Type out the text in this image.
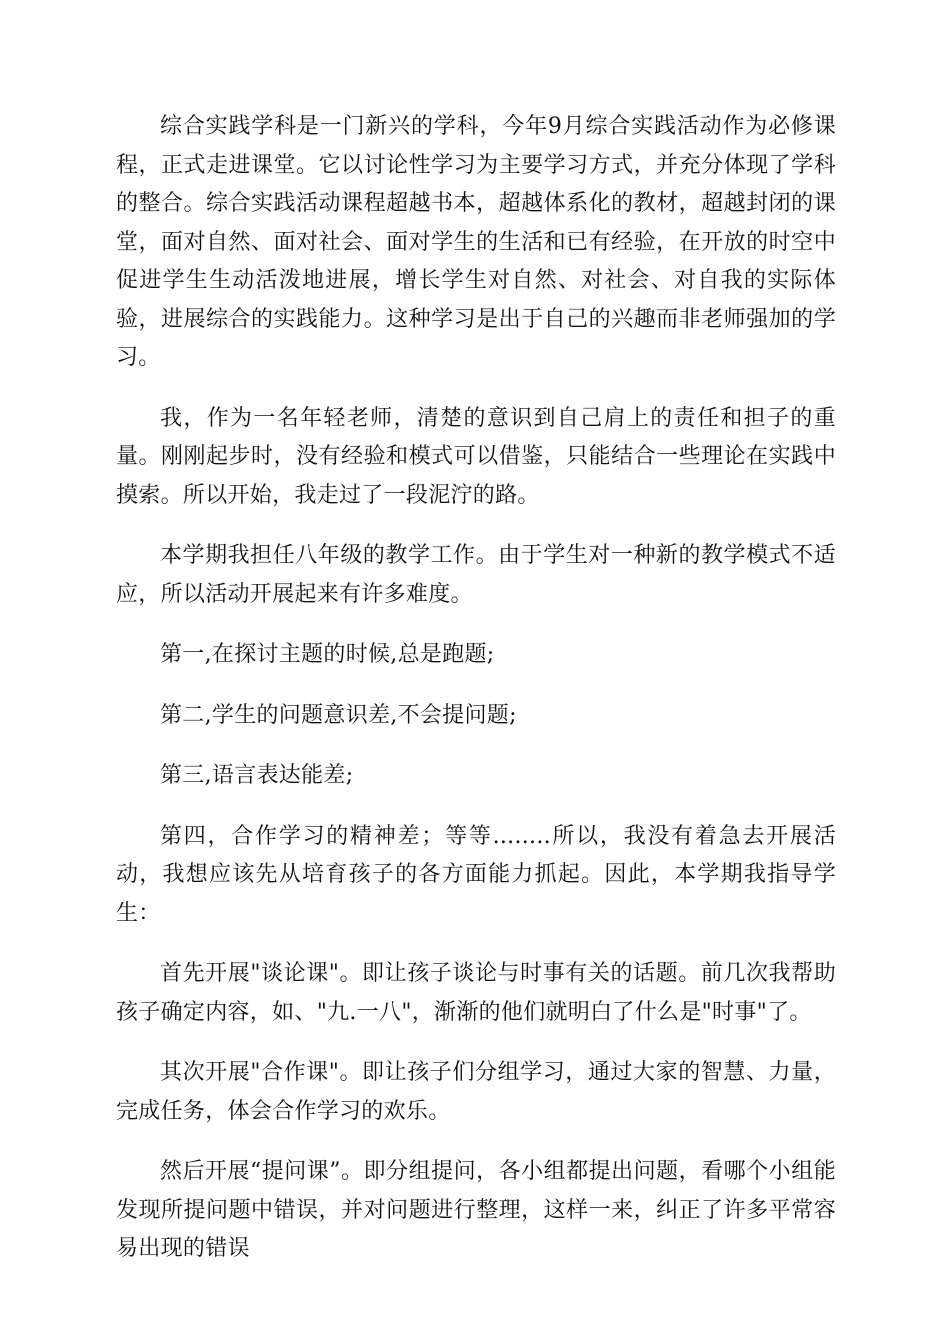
综合实践学科是一门新兴的学科，今年9月综合实践活动作为必修课程，正式走进课堂。它以讨论性学习为主要学习方式，并充分体现了学科的整合。综合实践活动课程超越书本，超越体系化的教材，超越封闭的课堂，面对自然、面对社会、面对学生的生活和已有经验，在开放的时空中促进学生生动活泼地进展，增长学生对自然、对社会、对自我的实际体验，进展综合的实践能力。这种学习是出于自己的兴趣而非老师强加的学习。

我，作为一名年轻老师，清楚的意识到自己肩上的责任和担子的重量。刚刚起步时，没有经验和模式可以借鉴，只能结合一些理论在实践中摸索。所以开始，我走过了一段泥泞的路。

本学期我担任八年级的教学工作。由于学生对一种新的教学模式不适应，所以活动开展起来有许多难度。

第一,在探讨主题的时候,总是跑题;

第二,学生的问题意识差,不会提问题;

第三,语言表达能差;

第四，合作学习的精神差；等等........所以，我没有着急去开展活动，我想应该先从培育孩子的各方面能力抓起。因此，本学期我指导学生：

首先开展"谈论课"。即让孩子谈论与时事有关的话题。前几次我帮助孩子确定内容，如、"九.一八"，渐渐的他们就明白了什么是"时事"了。

其次开展"合作课"。即让孩子们分组学习，通过大家的智慧、力量，完成任务，体会合作学习的欢乐。

然后开展“提问课”。即分组提问，各小组都提出问题，看哪个小组能发现所提问题中错误，并对问题进行整理，这样一来，纠正了许多平常容易出现的错误
